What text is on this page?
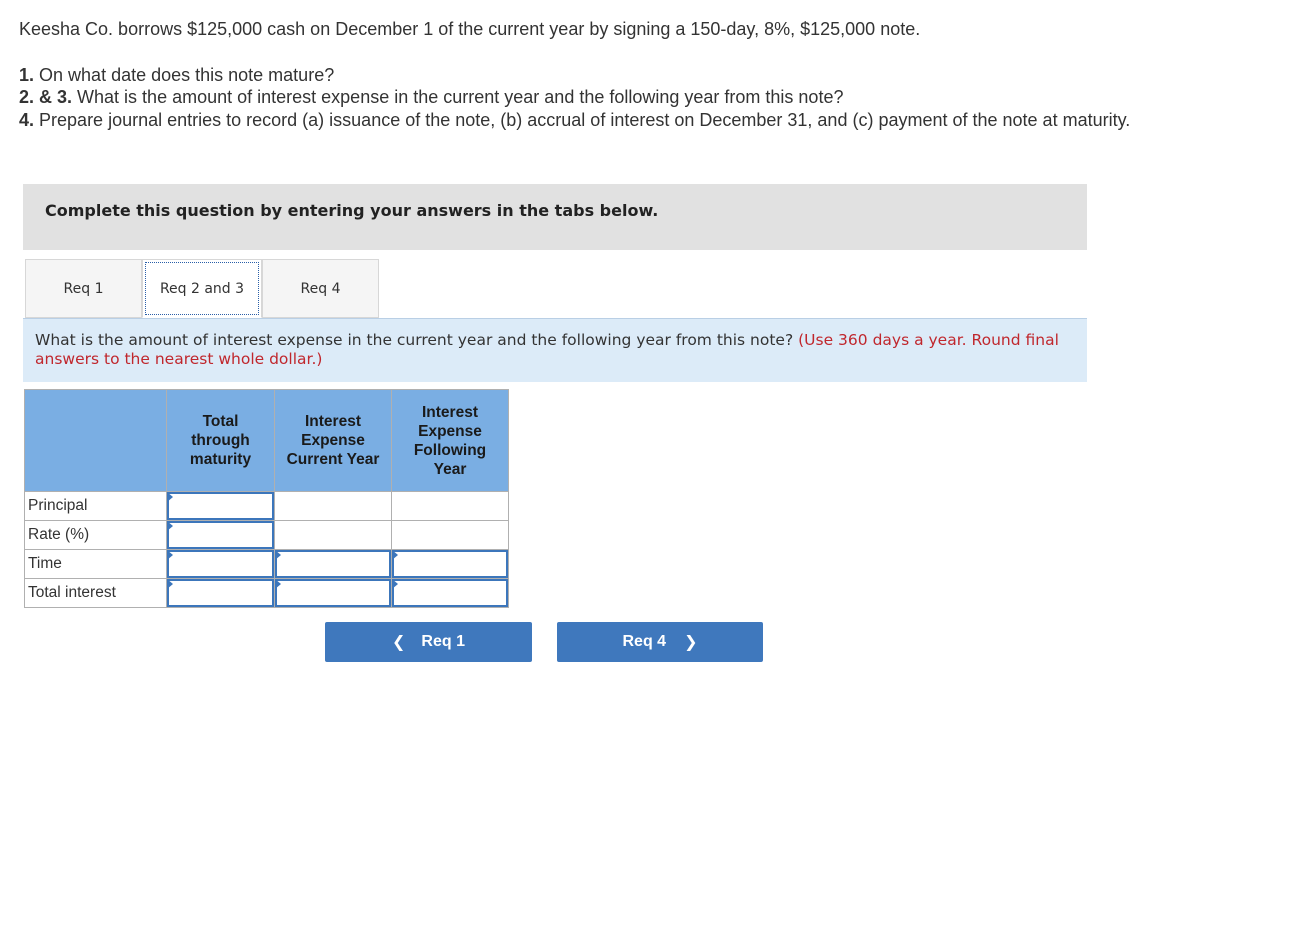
Keesha Co. borrows $125,000 cash on December 1 of the current year by signing a 150-day, 8%, $125,000 note.

1. On what date does this note mature?

2. & 3. What is the amount of interest expense in the current year and the following year from this note?

4. Prepare journal entries to record (a) issuance of the note, (b) accrual of interest on December 31, and (c) payment of the note at maturity.

Complete this question by entering your answers in the tabs below.
Req 1	Req 2 and 3	Req 4
What is the amount of interest expense in the current year and the following year from this note? (Use 360 days a year. Round final answers to the nearest whole dollar.)

	Total through maturity	Interest Expense Current Year	Interest Expense Following Year

Principal	

Rate (%)	

Time	

Total interest	

❮ Req 1	Req 4 ❯
